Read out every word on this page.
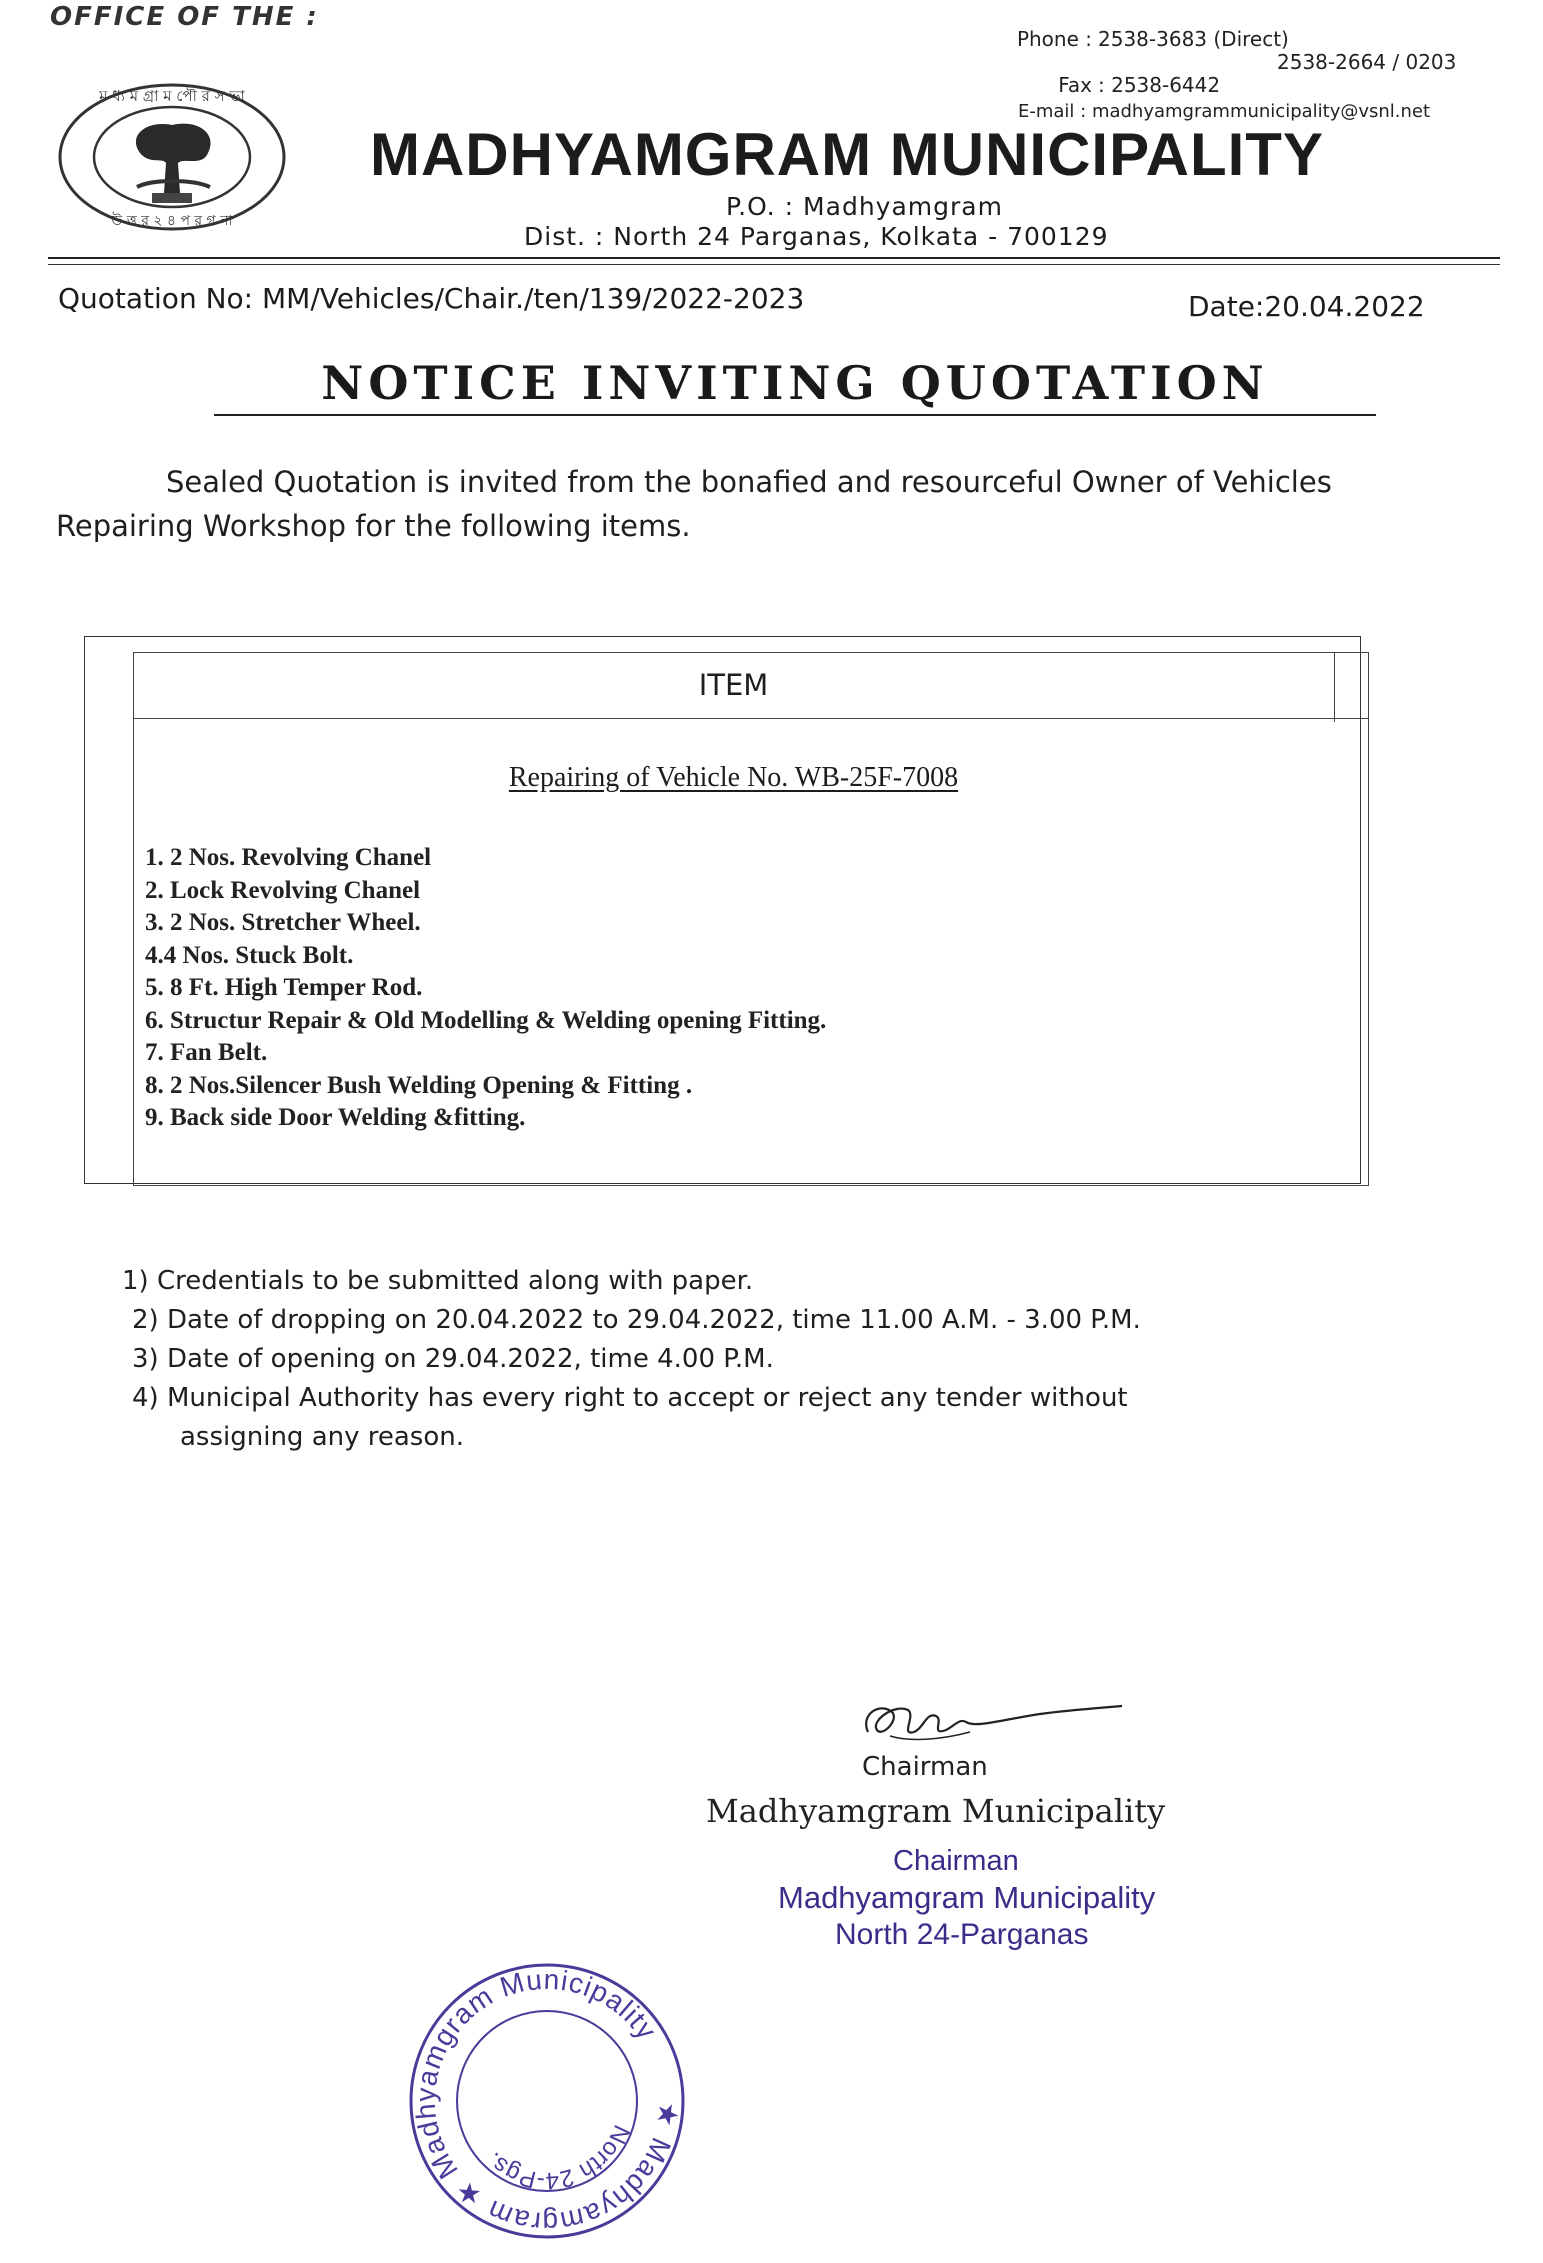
OFFICE OF THE :
Phone : 2538-3683 (Direct)
2538-2664 / 0203
Fax : 2538-6442
E-mail : madhyamgrammunicipality@vsnl.net
ম ধ্য ম গ্রা ম পৌ র স ভা
উ ত্ত র ২ ৪ প র গ না
MADHYAMGRAM MUNICIPALITY
P.O. : Madhyamgram
Dist. : North 24 Parganas, Kolkata - 700129
Quotation No: MM/Vehicles/Chair./ten/139/2022-2023	Date:20.04.2022
NOTICE INVITING QUOTATION
Sealed Quotation is invited from the bonafied and resourceful Owner of Vehicles
Repairing Workshop for the following items.
ITEM
Repairing of Vehicle No. WB-25F-7008
1. 2 Nos. Revolving Chanel
2. Lock Revolving Chanel
3. 2 Nos. Stretcher Wheel.
4.4 Nos. Stuck Bolt.
5. 8 Ft. High Temper Rod.
6. Structur Repair & Old Modelling & Welding opening Fitting.
7. Fan Belt.
8. 2 Nos.Silencer Bush Welding Opening & Fitting .
9. Back side Door Welding &fitting.
1) Credentials to be submitted along with paper.
2) Date of dropping on 20.04.2022 to 29.04.2022, time 11.00 A.M. - 3.00 P.M.
3) Date of opening on 29.04.2022, time 4.00 P.M.
4) Municipal Authority has every right to accept or reject any tender without
assigning any reason.
Chairman
Madhyamgram Municipality
Chairman
Madhyamgram Municipality
North 24-Parganas
★ Madhyamgram ★ Madhyamgram Municipality
North 24-Pgs.
